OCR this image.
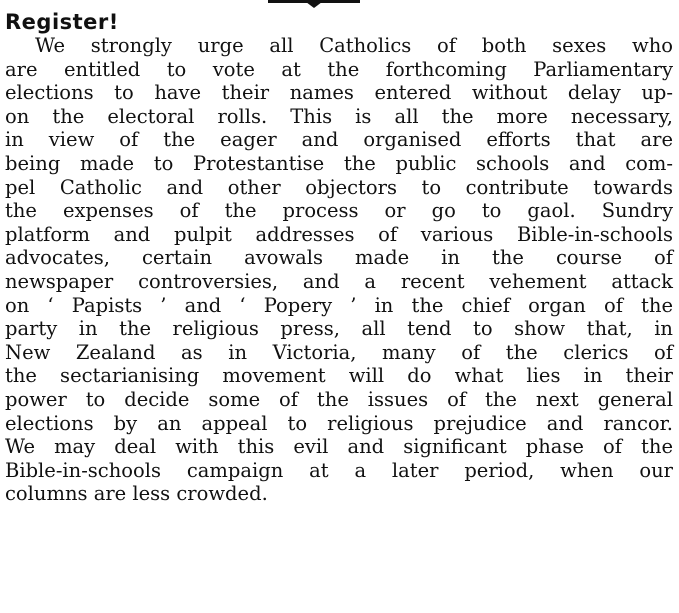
Register!

We strongly urge all Catholics of both sexes who
are entitled to vote at the forthcoming Parliamentary
elections to have their names entered without delay up-
on the electoral rolls. This is all the more necessary,
in view of the eager and organised efforts that are
being made to Protestantise the public schools and com-
pel Catholic and other objectors to contribute towards
the expenses of the process or go to gaol. Sundry
platform and pulpit addresses of various Bible-in-schools
advocates, certain avowals made in the course of
newspaper controversies, and a recent vehement attack
on ‘ Papists ’ and ‘ Popery ’ in the chief organ of the
party in the religious press, all tend to show that, in
New Zealand as in Victoria, many of the clerics of
the sectarianising movement will do what lies in their
power to decide some of the issues of the next general
elections by an appeal to religious prejudice and rancor.
We may deal with this evil and significant phase of the
Bible-in-schools campaign at a later period, when our
columns are less crowded.
